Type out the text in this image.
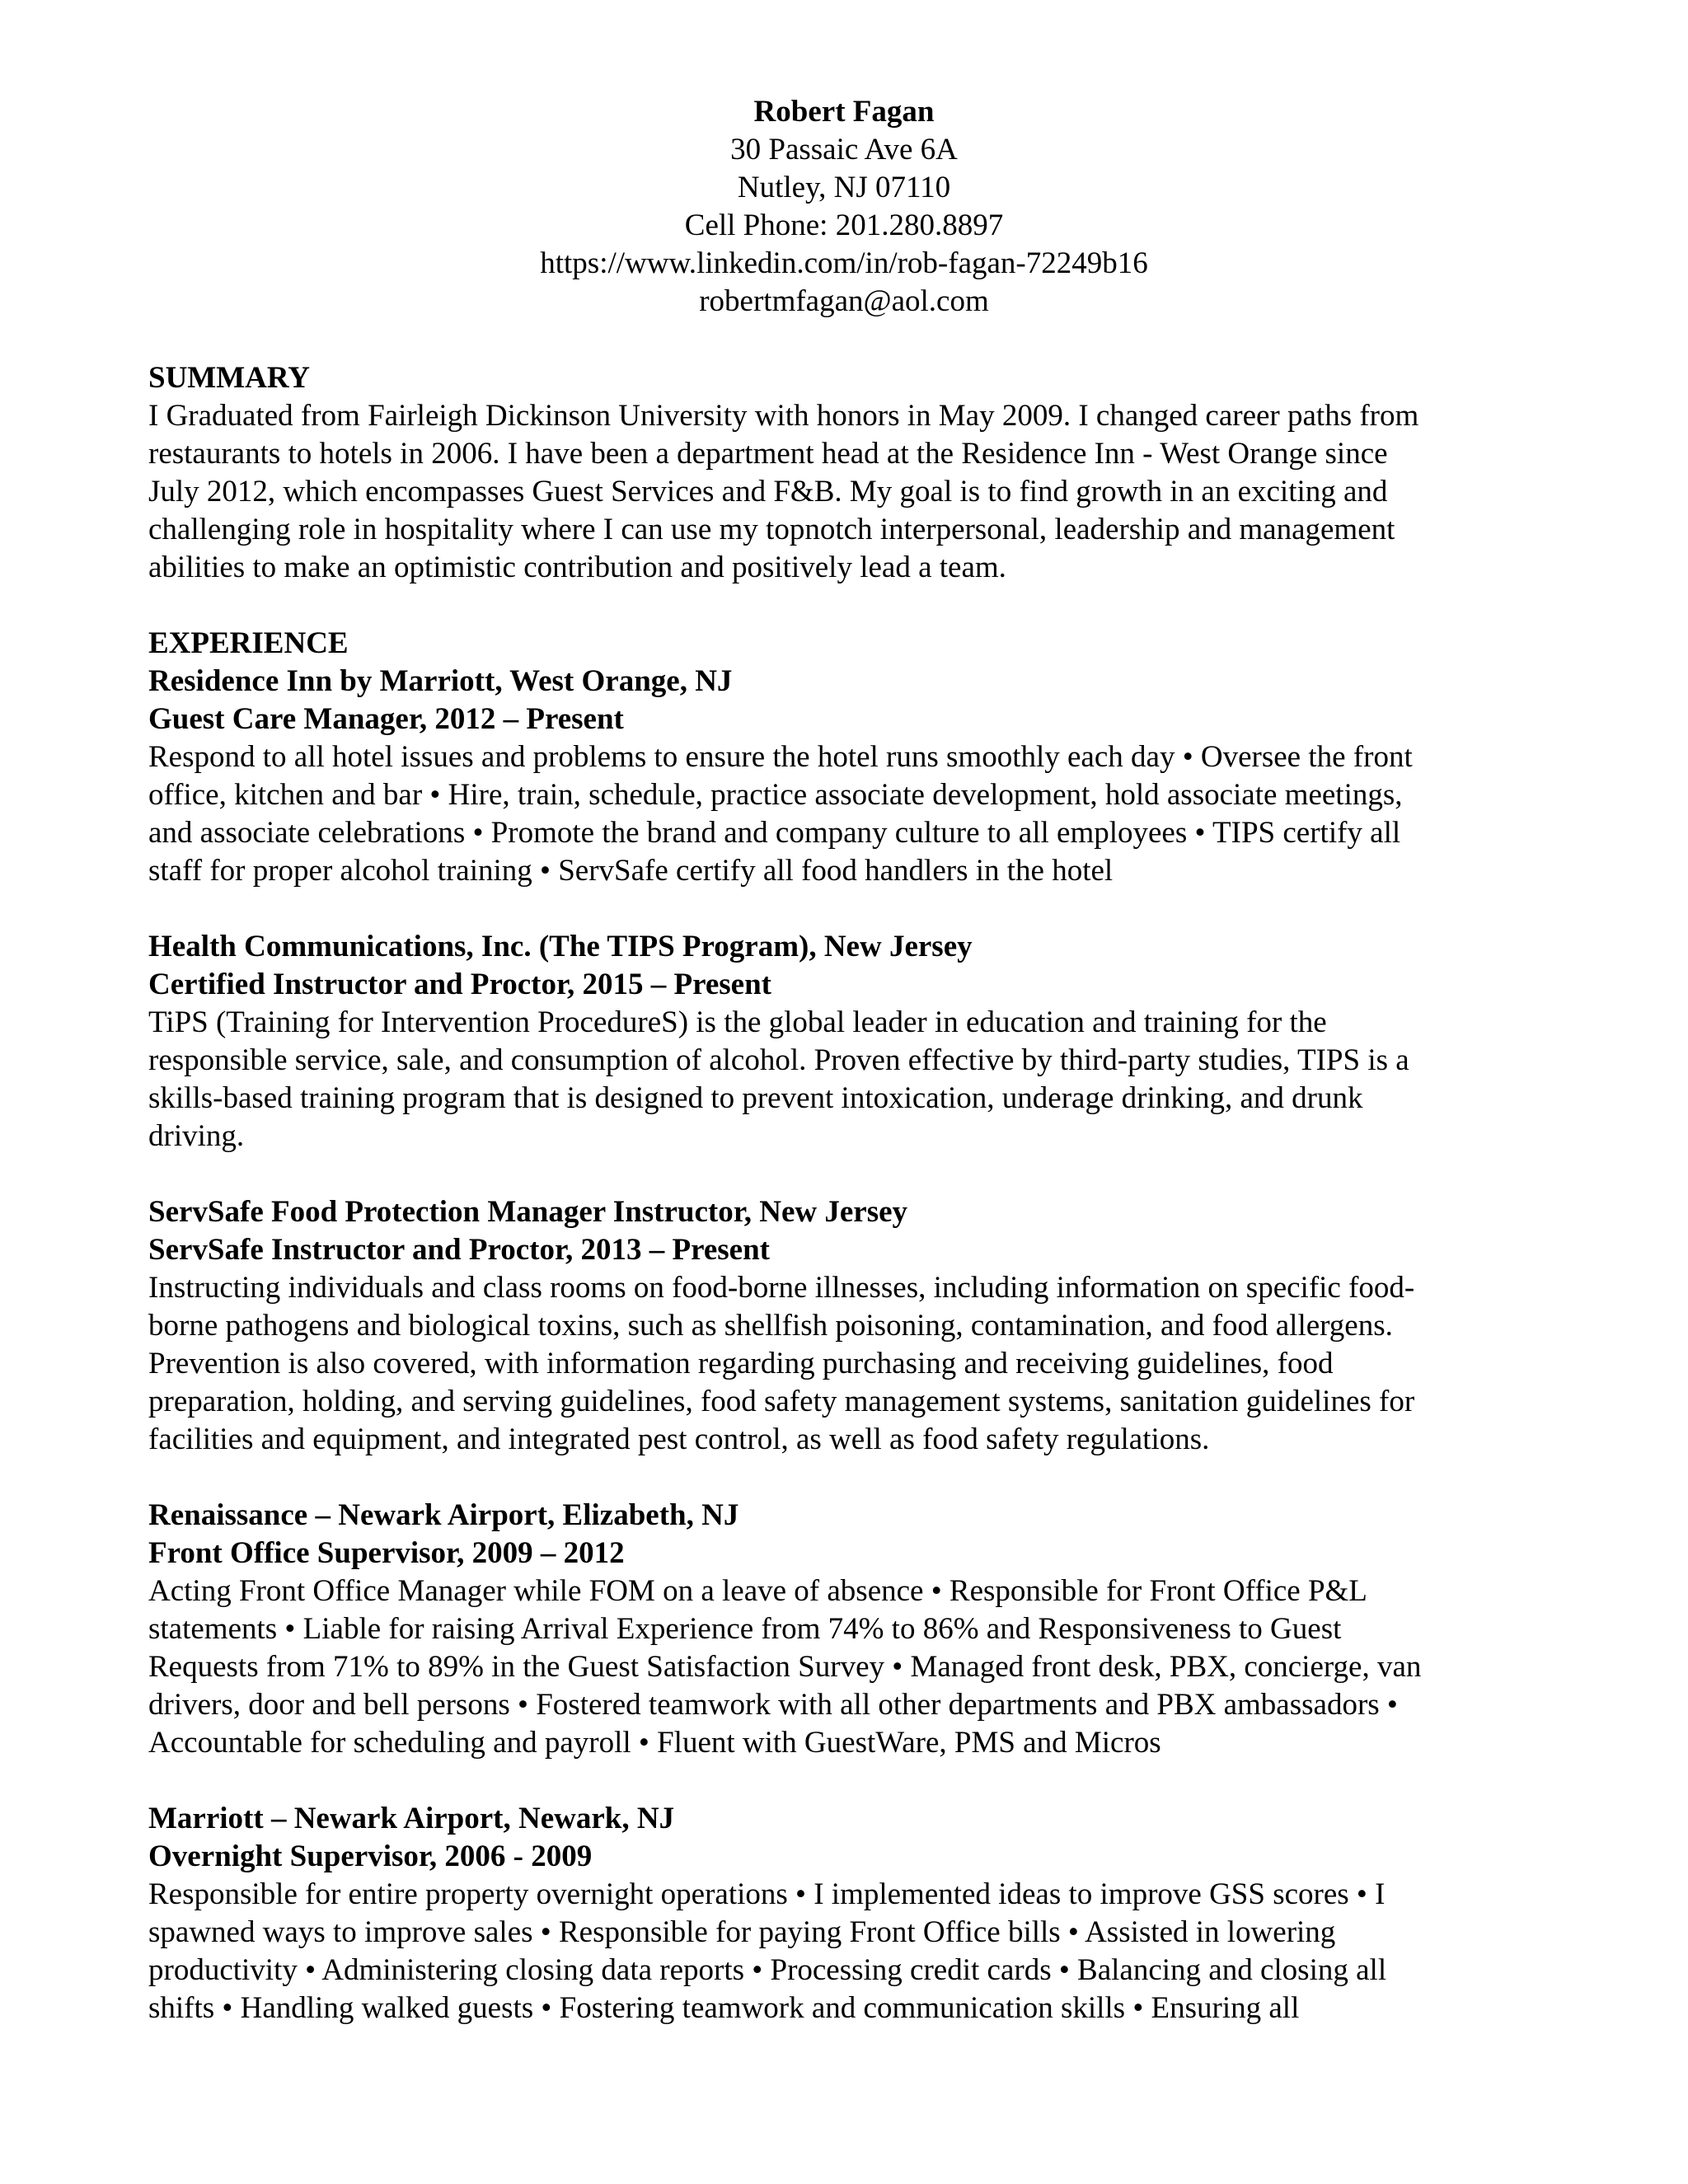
Robert Fagan
30 Passaic Ave 6A
Nutley, NJ 07110
Cell Phone: 201.280.8897
https://www.linkedin.com/in/rob-fagan-72249b16
robertmfagan@aol.com
SUMMARY
I Graduated from Fairleigh Dickinson University with honors in May 2009. I changed career paths from
restaurants to hotels in 2006. I have been a department head at the Residence Inn - West Orange since
July 2012, which encompasses Guest Services and F&B. My goal is to find growth in an exciting and
challenging role in hospitality where I can use my topnotch interpersonal, leadership and management
abilities to make an optimistic contribution and positively lead a team.
EXPERIENCE
Residence Inn by Marriott, West Orange, NJ
Guest Care Manager, 2012 – Present
Respond to all hotel issues and problems to ensure the hotel runs smoothly each day • Oversee the front
office, kitchen and bar • Hire, train, schedule, practice associate development, hold associate meetings,
and associate celebrations • Promote the brand and company culture to all employees • TIPS certify all
staff for proper alcohol training • ServSafe certify all food handlers in the hotel
Health Communications, Inc. (The TIPS Program), New Jersey
Certified Instructor and Proctor, 2015 – Present
TiPS (Training for Intervention ProcedureS) is the global leader in education and training for the
responsible service, sale, and consumption of alcohol. Proven effective by third-party studies, TIPS is a
skills-based training program that is designed to prevent intoxication, underage drinking, and drunk
driving.
ServSafe Food Protection Manager Instructor, New Jersey
ServSafe Instructor and Proctor, 2013 – Present
Instructing individuals and class rooms on food-borne illnesses, including information on specific food-
borne pathogens and biological toxins, such as shellfish poisoning, contamination, and food allergens.
Prevention is also covered, with information regarding purchasing and receiving guidelines, food
preparation, holding, and serving guidelines, food safety management systems, sanitation guidelines for
facilities and equipment, and integrated pest control, as well as food safety regulations.
Renaissance – Newark Airport, Elizabeth, NJ
Front Office Supervisor, 2009 – 2012
Acting Front Office Manager while FOM on a leave of absence • Responsible for Front Office P&L
statements • Liable for raising Arrival Experience from 74% to 86% and Responsiveness to Guest
Requests from 71% to 89% in the Guest Satisfaction Survey • Managed front desk, PBX, concierge, van
drivers, door and bell persons • Fostered teamwork with all other departments and PBX ambassadors •
Accountable for scheduling and payroll • Fluent with GuestWare, PMS and Micros
Marriott – Newark Airport, Newark, NJ
Overnight Supervisor, 2006 - 2009
Responsible for entire property overnight operations • I implemented ideas to improve GSS scores • I
spawned ways to improve sales • Responsible for paying Front Office bills • Assisted in lowering
productivity • Administering closing data reports • Processing credit cards • Balancing and closing all
shifts • Handling walked guests • Fostering teamwork and communication skills • Ensuring all
